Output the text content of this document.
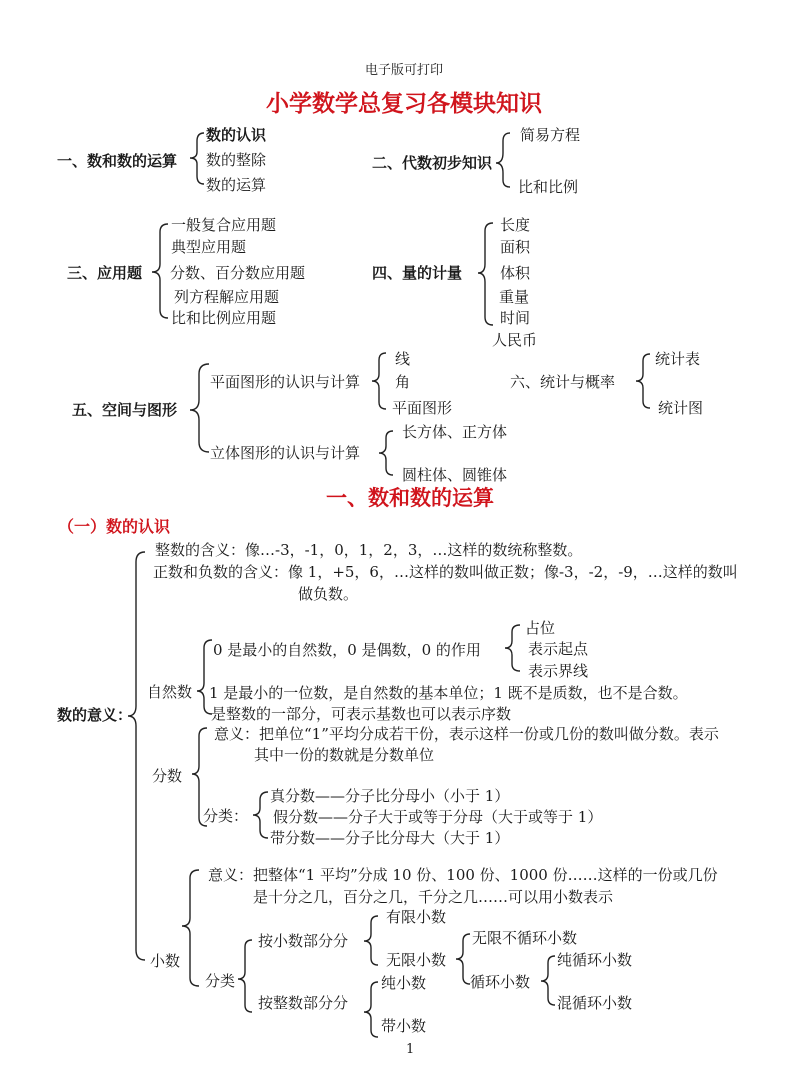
电子版可打印
小学数学总复习各模块知识
一、数和数的运算
数的认识
数的整除
数的运算
二、代数初步知识
简易方程
比和比例
三、应用题
一般复合应用题
典型应用题
分数、百分数应用题
列方程解应用题
比和比例应用题
四、量的计量
长度
面积
体积
重量
时间
人民币
五、空间与图形
平面图形的认识与计算
线
角
平面图形
立体图形的认识与计算
长方体、正方体
圆柱体、圆锥体
六、统计与概率
统计表
统计图
一、数和数的运算
（一）数的认识
数的意义：
整数的含义：像…-3，-1，0，1，2，3，…这样的数统称整数。
正数和负数的含义：像 1，+5，6，…这样的数叫做正数；像-3，-2，-9，…这样的数叫
做负数。
自然数
0 是最小的自然数，0 是偶数，0 的作用
占位
表示起点
表示界线
1 是最小的一位数，是自然数的基本单位；1 既不是质数，也不是合数。
是整数的一部分，可表示基数也可以表示序数
分数
意义：把单位“1”平均分成若干份，表示这样一份或几份的数叫做分数。表示
其中一份的数就是分数单位
分类：
真分数——分子比分母小（小于 1）
假分数——分子大于或等于分母（大于或等于 1）
带分数——分子比分母大（大于 1）
小数
意义：把整体“1 平均”分成 10 份、100 份、1000 份……这样的一份或几份
是十分之几，百分之几，千分之几……可以用小数表示
分类
按小数部分分
有限小数
无限小数
无限不循环小数
循环小数
纯循环小数
混循环小数
按整数部分分
纯小数
带小数
1
